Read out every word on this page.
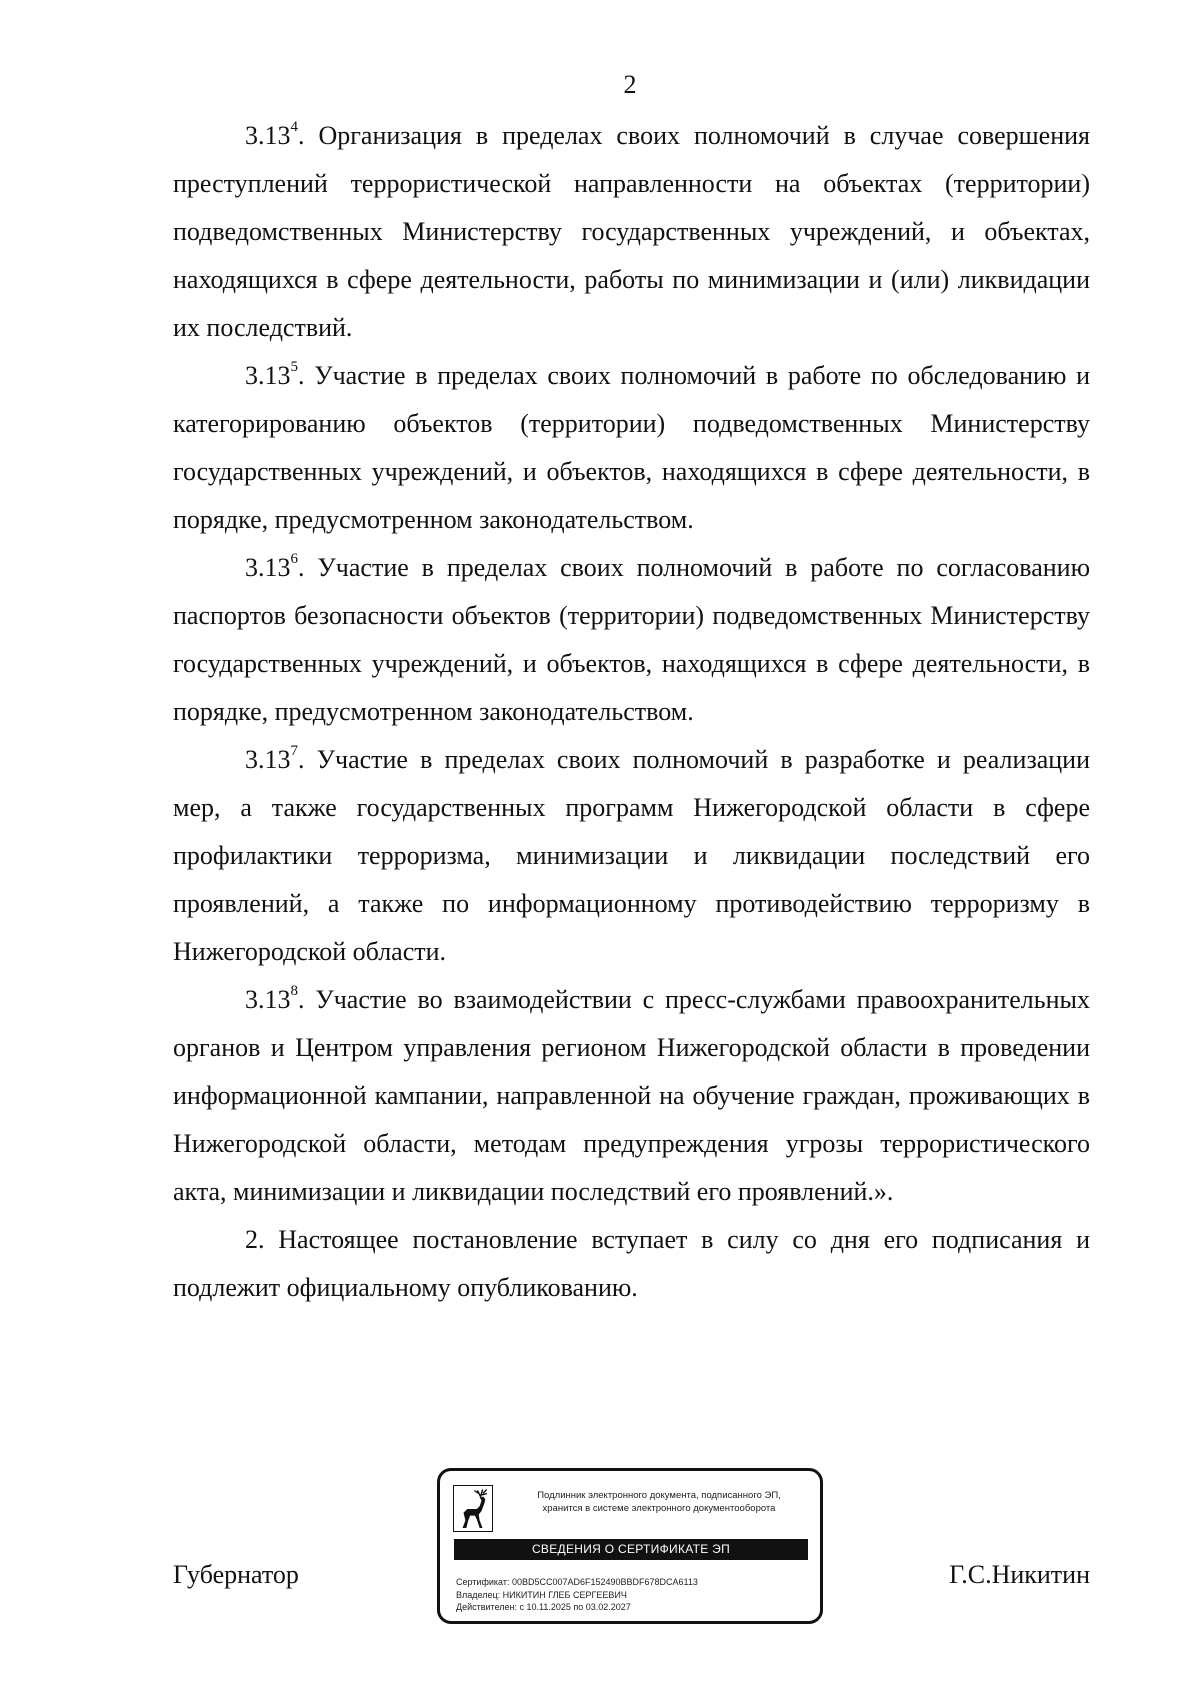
2

3.13$^4$. Организация в пределах своих полномочий в случае совершения преступлений террористической направленности на объектах (территории) подведомственных Министерству государственных учреждений, и объектах, находящихся в сфере деятельности, работы по минимизации и (или) ликвидации их последствий.

3.13$^5$. Участие в пределах своих полномочий в работе по обследованию и категорированию объектов (территории) подведомственных Министерству государственных учреждений, и объектов, находящихся в сфере деятельности, в порядке, предусмотренном законодательством.

3.13$^6$. Участие в пределах своих полномочий в работе по согласованию паспортов безопасности объектов (территории) подведомственных Министерству государственных учреждений, и объектов, находящихся в сфере деятельности, в порядке, предусмотренном законодательством.

3.13$^7$. Участие в пределах своих полномочий в разработке и реализации мер, а также государственных программ Нижегородской области в сфере профилактики терроризма, минимизации и ликвидации последствий его проявлений, а также по информационному противодействию терроризму в Нижегородской области.

3.13$^8$. Участие во взаимодействии с пресс-службами правоохранительных органов и Центром управления регионом Нижегородской области в проведении информационной кампании, направленной на обучение граждан, проживающих в Нижегородской области, методам предупреждения угрозы террористического акта, минимизации и ликвидации последствий его проявлений.».

2. Настоящее постановление вступает в силу со дня его подписания и подлежит официальному опубликованию.

Подлинник электронного документа, подписанного ЭП,
хранится в системе электронного документооборота
СВЕДЕНИЯ О СЕРТИФИКАТЕ ЭП
Сертификат: 00BD5CC007AD6F152490BBDF678DCA6113
Владелец: НИКИТИН ГЛЕБ СЕРГЕЕВИЧ
Действителен: с 10.11.2025 по 03.02.2027
Губернатор	Г.С.Никитин
